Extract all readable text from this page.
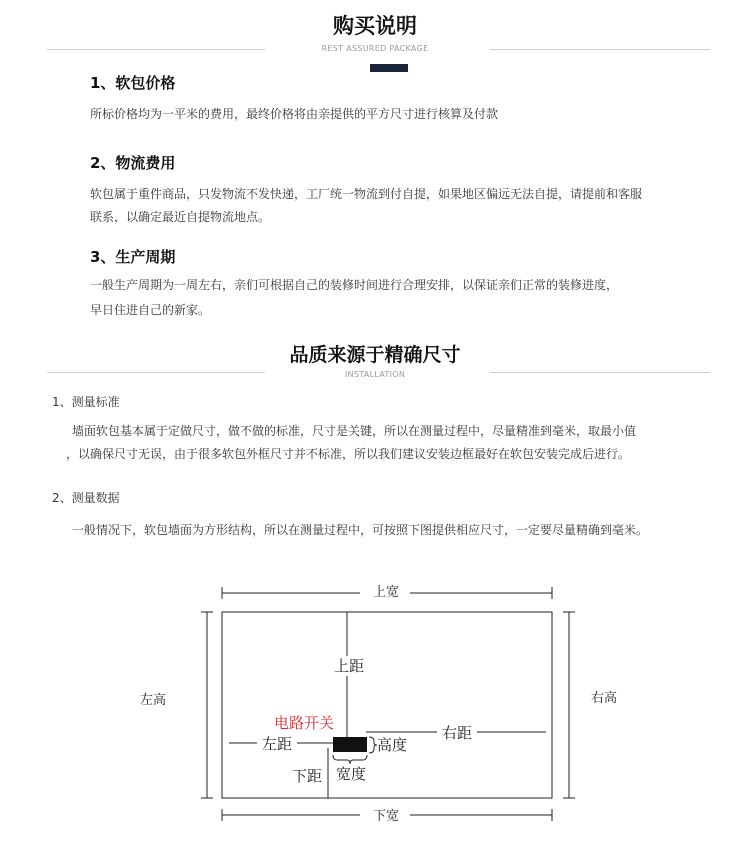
购买说明
REST ASSURED PACKAGE
1、软包价格
所标价格均为一平米的费用，最终价格将由亲提供的平方尺寸进行核算及付款
2、物流费用
软包属于重件商品，只发物流不发快递，工厂统一物流到付自提，如果地区偏远无法自提，请提前和客服
联系，以确定最近自提物流地点。
3、生产周期
一般生产周期为一周左右，亲们可根据自己的装修时间进行合理安排，以保证亲们正常的装修进度，
早日住进自己的新家。
品质来源于精确尺寸
INSTALLATION
1、测量标准
墙面软包基本属于定做尺寸，做不做的标准，尺寸是关键，所以在测量过程中，尽量精准到毫米，取最小值
，以确保尺寸无误，由于很多软包外框尺寸并不标准，所以我们建议安装边框最好在软包安装完成后进行。
2、测量数据
一般情况下，软包墙面为方形结构，所以在测量过程中，可按照下图提供相应尺寸，一定要尽量精确到毫米。
上宽
下宽
左高	右高
上距
左距
右距
下距
电路开关
高度
宽度
